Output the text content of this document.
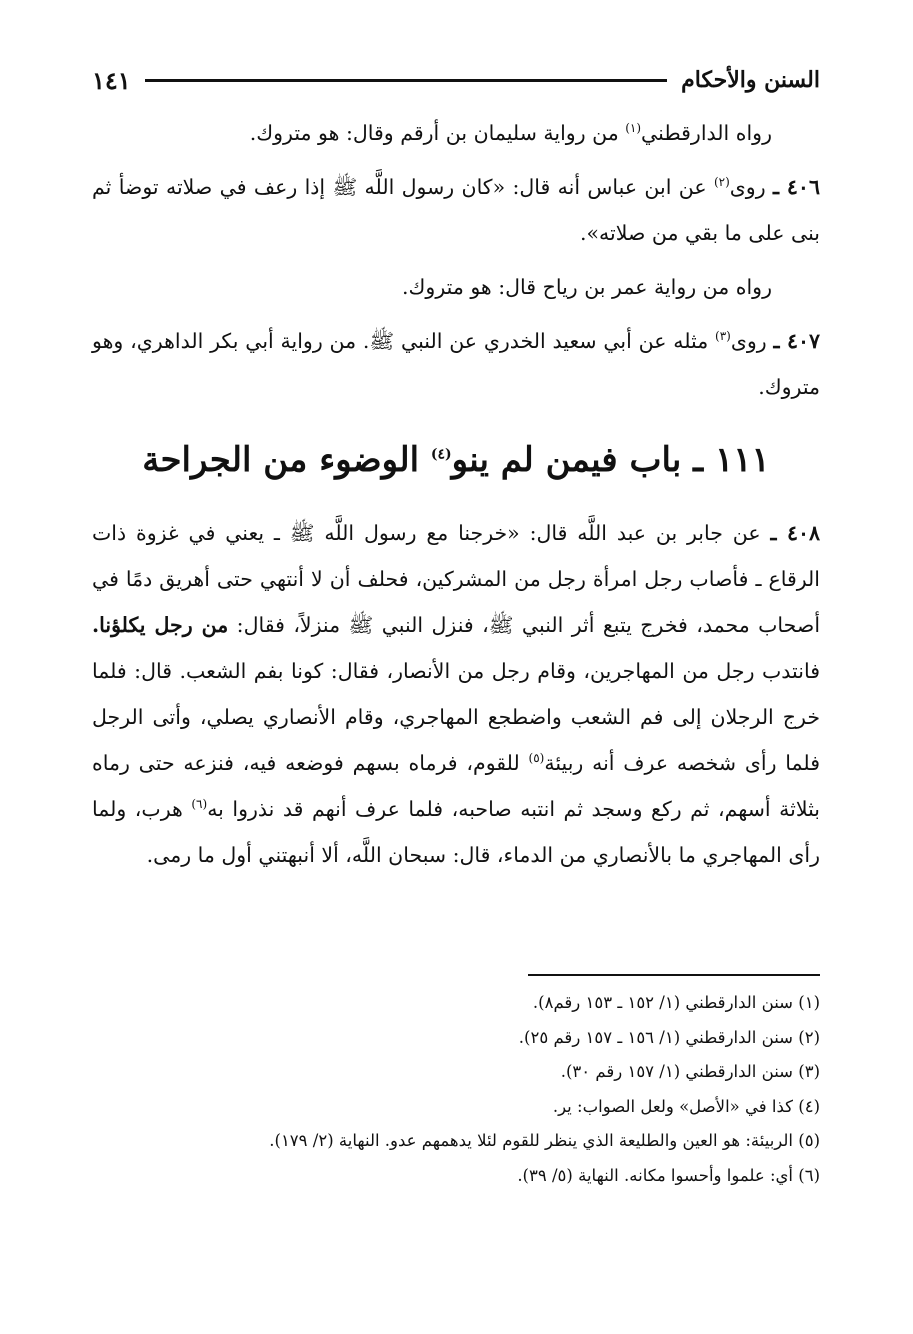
السنن والأحكام
١٤١

رواه الدارقطني$^{(١)}$ من رواية سليمان بن أرقم وقال: هو متروك.

٤٠٦ ـ روى$^{(٢)}$ عن ابن عباس أنه قال: «كان رسول اللَّه ﷺ إذا رعف في صلاته توضأ ثم بنى على ما بقي من صلاته».

رواه من رواية عمر بن رياح قال: هو متروك.

٤٠٧ ـ روى$^{(٣)}$ مثله عن أبي سعيد الخدري عن النبي ﷺ. من رواية أبي بكر الداهري، وهو متروك.

١١١ ـ باب فيمن لم ينو$^{(٤)}$ الوضوء من الجراحة

٤٠٨ ـ عن جابر بن عبد اللَّه قال: «خرجنا مع رسول اللَّه ﷺ ـ يعني في غزوة ذات الرقاع ـ فأصاب رجل امرأة رجل من المشركين، فحلف أن لا أنتهي حتى أهريق دمًا في أصحاب محمد، فخرج يتبع أثر النبي ﷺ، فنزل النبي ﷺ منزلاً، فقال: من رجل يكلؤنا. فانتدب رجل من المهاجرين، وقام رجل من الأنصار، فقال: كونا بفم الشعب. قال: فلما خرج الرجلان إلى فم الشعب واضطجع المهاجري، وقام الأنصاري يصلي، وأتى الرجل فلما رأى شخصه عرف أنه ربيئة$^{(٥)}$ للقوم، فرماه بسهم فوضعه فيه، فنزعه حتى رماه بثلاثة أسهم، ثم ركع وسجد ثم انتبه صاحبه، فلما عرف أنهم قد نذروا به$^{(٦)}$ هرب، ولما رأى المهاجري ما بالأنصاري من الدماء، قال: سبحان اللَّه، ألا أنبهتني أول ما رمى.

(١) سنن الدارقطني (١/ ١٥٢ ـ ١٥٣ رقم٨).
(٢) سنن الدارقطني (١/ ١٥٦ ـ ١٥٧ رقم ٢٥).
(٣) سنن الدارقطني (١/ ١٥٧ رقم ٣٠).
(٤) كذا في «الأصل» ولعل الصواب: ير.
(٥) الربيئة: هو العين والطليعة الذي ينظر للقوم لئلا يدهمهم عدو. النهاية (٢/ ١٧٩).
(٦) أي: علموا وأحسوا مكانه. النهاية (٥/ ٣٩).
